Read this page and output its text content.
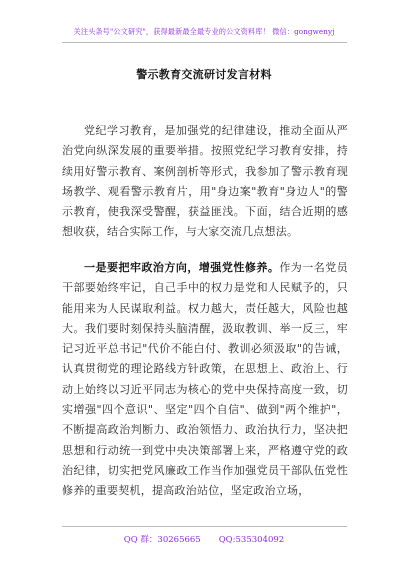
关注头条号"公文研究"，获得最新最全最专业的公文资料库！ 微信：gongwenyj
警示教育交流研讨发言材料
党纪学习教育，是加强党的纪律建设，推动全面从严治党向纵深发展的重要举措。按照党纪学习教育安排，持续用好警示教育、案例剖析等形式，我参加了警示教育现场教学、观看警示教育片，用"身边案"教育"身边人"的警示教育，使我深受警醒，获益匪浅。下面，结合近期的感想收获，结合实际工作，与大家交流几点想法。
一是要把牢政治方向，增强党性修养。作为一名党员干部要始终牢记，自己手中的权力是党和人民赋予的，只能用来为人民谋取利益。权力越大，责任越大，风险也越大。我们要时刻保持头脑清醒，汲取教训、举一反三，牢记习近平总书记"代价不能白付、教训必须汲取"的告诫，认真贯彻党的理论路线方针政策，在思想上、政治上、行动上始终以习近平同志为核心的党中央保持高度一致，切实增强"四个意识"、坚定"四个自信"、做到"两个维护"，不断提高政治判断力、政治领悟力、政治执行力，坚决把思想和行动统一到党中央决策部署上来，严格遵守党的政治纪律，切实把党风廉政工作当作加强党员干部队伍党性修养的重要契机，提高政治站位，坚定政治立场，
QQ 群：30265665 QQ:535304092
